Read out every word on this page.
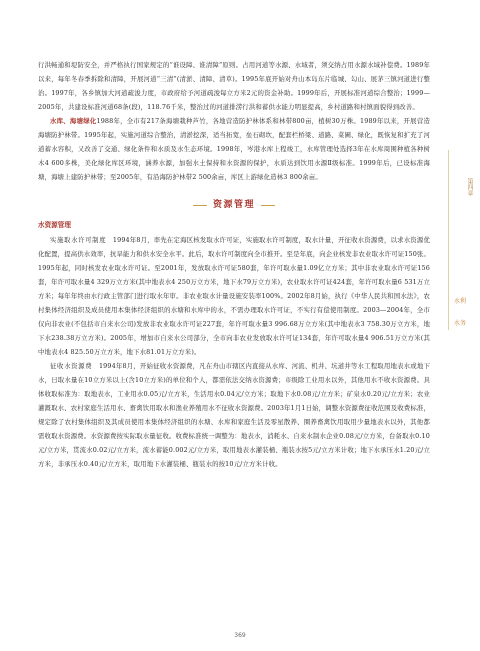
第四章
水利
水务

行洪畅通和堤防安全，并严格执行国家规定的“谁设障、谁清障”原则。占用河道等水源、水域者，须交纳占用水源水域补偿费。1989年以来，每年冬春季拆除和清障，开展河道“三清”(清淤、清障、清草)。1995年底开始对舟山本岛东片临城、勾山、展茅三镇河道进行整治。1997年，各乡镇加大河道疏浚力度，市政府给予河道疏浚每立方米2元的资金补助。1999年后，开展标准河道综合整治；1999—2005年，共建设标准河道68条(段)，118.76千米，整治过的河道排涝行洪和蓄供水能力明显提高，乡村道路和村镇面貌得到改善。

水库、海塘绿化1988年，全市有217条海塘栽种芦竹，各地营造防护林体系和林带800亩，植树30万株。1989年以来，开展营造海塘防护林带。1995年起，实施河道综合整治，清淤挖深，适当拓宽，垒石砌坎，配套栏桥梁、道路、菜圃、绿化，既恢复和扩充了河道蓄水容积，又改善了交通、绿化条件和水质及水生态环境。1998年，岑港水库上程竣工，水库管理处选择3年在水库周围种植各种树木4 600多株，美化绿化库区环境，涵养水源，加强水土保持和水资源的保护，水质达到饮用水源Ⅱ级标准。1999年后，已设标准海塘，海塘上建防护林带；至2005年，有沿海防护林带2 500余亩，库区上游绿化造林3 800余亩。

资源管理
水资源管理

实施取水许可制度 1994年8月，率先在定海区核发取水许可证，实施取水许可制度，取水计量，开征收水资源费，以求水资源优化配置，提高供水效率，抗旱能力和供水安全水平。此后，取水许可制度向全市推开。至是年底，向企业核发非农业取水许可证150张。1995年起，同时核发农业取水许可证。至2001年，发放取水许可证580套，年许可取水量1.09亿立方米；其中非农业取水许可证156套，年许可取水量4 329万立方米(其中地表水4 250万立方米，地下水79万立方米)，农业取水许可证424套，年许可取水量6 531万立方米；每年年终由水行政主管部门进行取水年审。非农业取水计量设施安装率100%。2002年8月始，执行《中华人民共和国水法》，农村集体经济组织及成员使用本集体经济组织的水塘和水库中的水，不需办理取水许可证，不实行有偿使用制度。2003—2004年，全市仅向非农业(不包括市自来水公司)发放非农业取水许可证227套，年许可取水量3 996.68万立方米(其中地表水3 758.30万立方米，地下水238.38万立方米)。2005年，增加市自来水公司部分，全市向非农业发放取水许可证134套，年许可取水量4 906.51万立方米(其中地表水4 825.50万立方米，地下水81.01万立方米)。

征收水资源费 1994年8月，开始征收水资源费，凡在舟山市辖区内直接从水库、河流、机井、坑道井等水工程取用地表水或地下水，日取水量在10立方米以上(含10立方米)的单位和个人，都需依法交纳水资源费；市级除工业用水以外，其他用水不收水资源费。具体收取标准为：取地表水，工业用水0.05元/立方米，生活用水0.04元/立方米；取地下水0.08元/立方米；矿泉水0.20元/立方米；农业灌溉取水、农村家庭生活用水、畜禽饮用取水和渔业养殖用水不征收水资源费。2003年1月1日始，调整水资源费征收范围及收费标准，规定除了农村集体组织及其成员使用本集体经济组织的水塘、水库和家庭生活及零星散养、圈养畜禽饮用取用少量地表水以外，其他都需收取水资源费。水资源费按实际取水量征收。收费标准统一调整为：地表水，消耗水、自来水制水企业0.08元/立方米，台备取水0.10元/立方米，贯流水0.02元/立方米，流水蓄能0.002元/立方米，取用地表水灌装桶、瓶装水按5元/立方米计收；地下水承压水1.20元/立方米，非承压水0.40元/立方米，取用地下水灌装桶、瓶装水的按10元/立方米计收。

369
